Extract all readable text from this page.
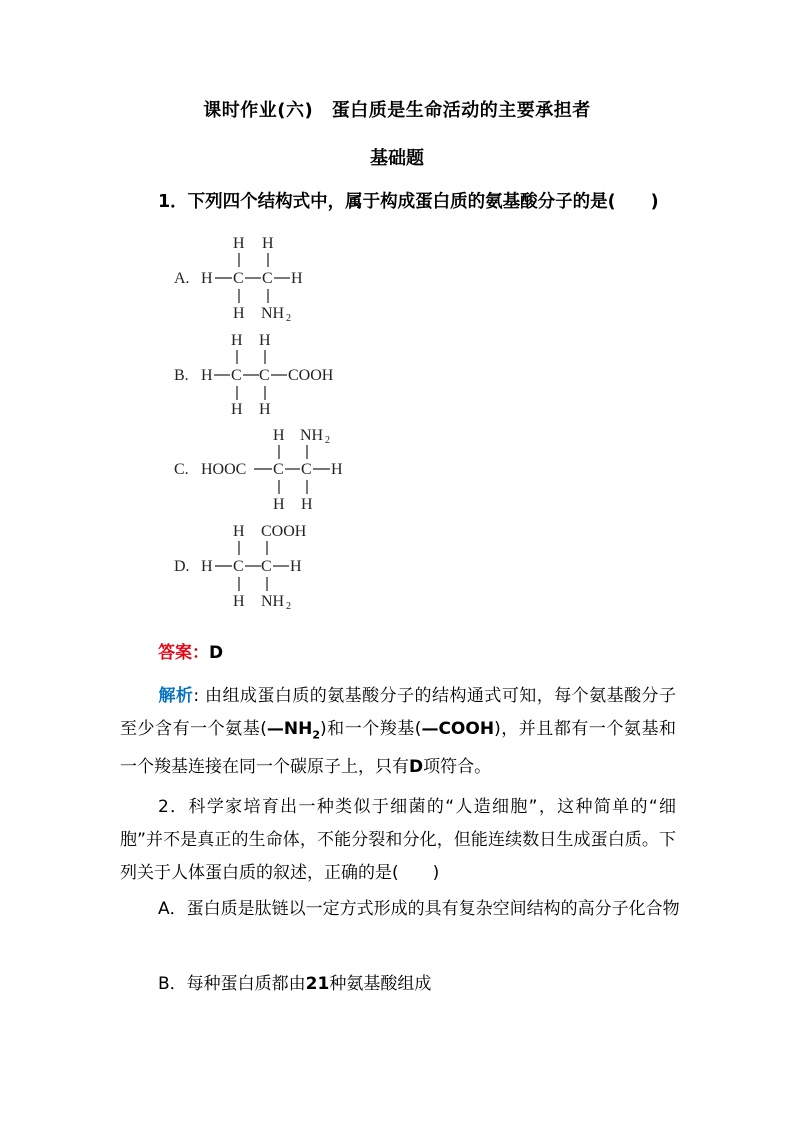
课时作业(六)　蛋白质是生命活动的主要承担者
基础题
1．下列四个结构式中，属于构成蛋白质的氨基酸分子的是(　　)
A.
H H
H C C H
H NH 2
B.
H H
H C C COOH
H H
C.
H NH 2
HOOC C C H
H H
D.
H COOH
H C C H
H NH 2
答案：D
解析: 由组成蛋白质的氨基酸分子的结构通式可知，每个氨基酸分子至少含有一个氨基$(—NH_2)$和一个羧基(—COOH)，并且都有一个氨基和一个羧基连接在同一个碳原子上，只有D项符合。
2．科学家培育出一种类似于细菌的“人造细胞”，这种简单的“细胞”并不是真正的生命体，不能分裂和分化，但能连续数日生成蛋白质。下列关于人体蛋白质的叙述，正确的是(　　)
A．蛋白质是肽链以一定方式形成的具有复杂空间结构的高分子化合物
B．每种蛋白质都由21种氨基酸组成
